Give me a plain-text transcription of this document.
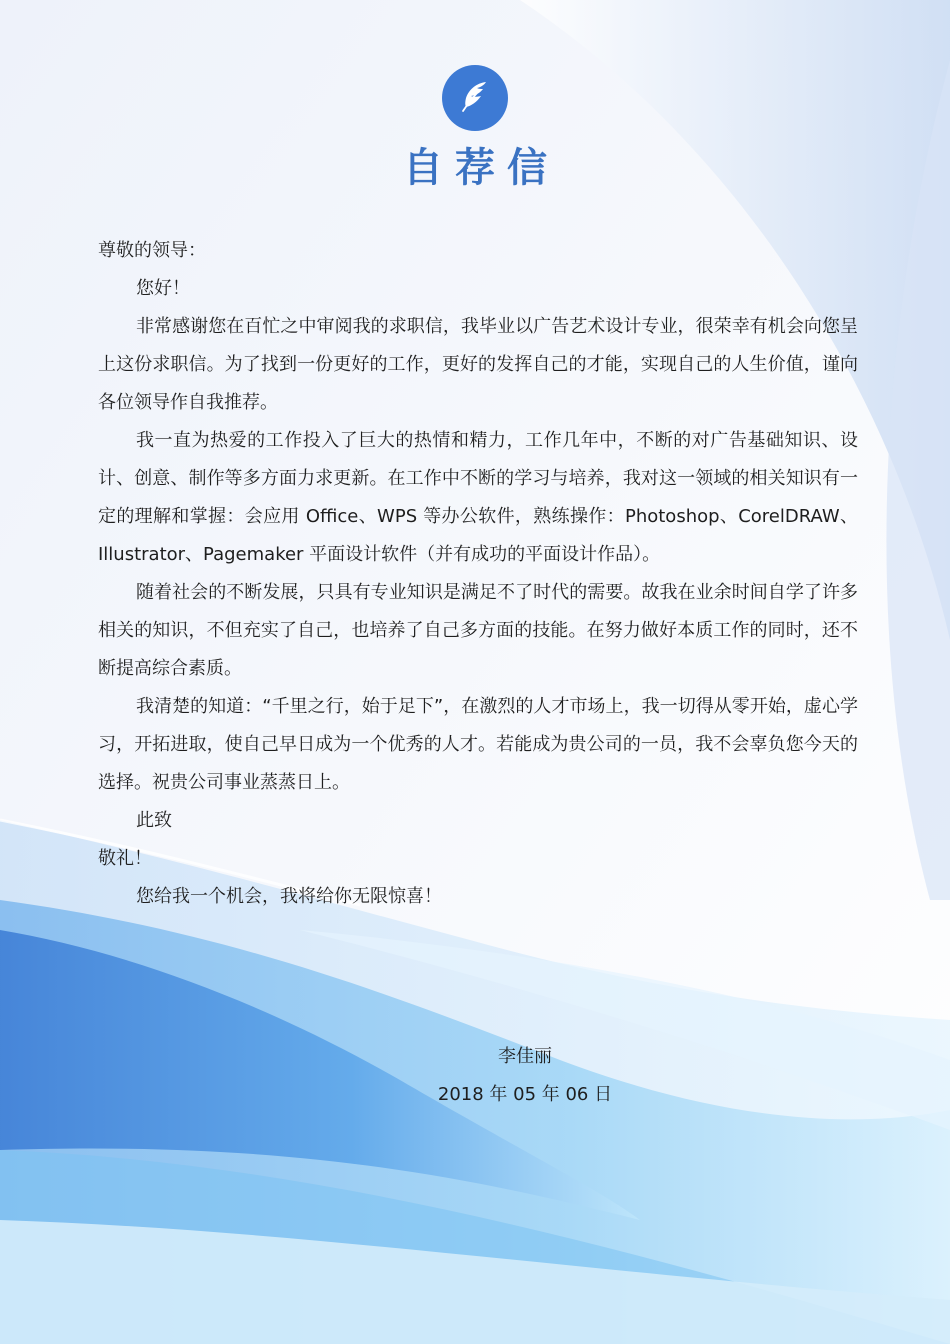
自荐信

尊敬的领导：

您好！

非常感谢您在百忙之中审阅我的求职信，我毕业以广告艺术设计专业，很荣幸有机会向您呈上这份求职信。为了找到一份更好的工作，更好的发挥自己的才能，实现自己的人生价值，谨向各位领导作自我推荐。

我一直为热爱的工作投入了巨大的热情和精力，工作几年中，不断的对广告基础知识、设计、创意、制作等多方面力求更新。在工作中不断的学习与培养，我对这一领域的相关知识有一定的理解和掌握：会应用 Office、WPS 等办公软件，熟练操作：Photoshop、CorelDRAW、Illustrator、Pagemaker 平面设计软件（并有成功的平面设计作品）。

随着社会的不断发展，只具有专业知识是满足不了时代的需要。故我在业余时间自学了许多相关的知识，不但充实了自己，也培养了自己多方面的技能。在努力做好本质工作的同时，还不断提高综合素质。

我清楚的知道：“千里之行，始于足下”，在激烈的人才市场上，我一切得从零开始，虚心学习，开拓进取，使自己早日成为一个优秀的人才。若能成为贵公司的一员，我不会辜负您今天的选择。祝贵公司事业蒸蒸日上。

此致

敬礼！

您给我一个机会，我将给你无限惊喜！

李佳丽

2018 年 05 年 06 日
